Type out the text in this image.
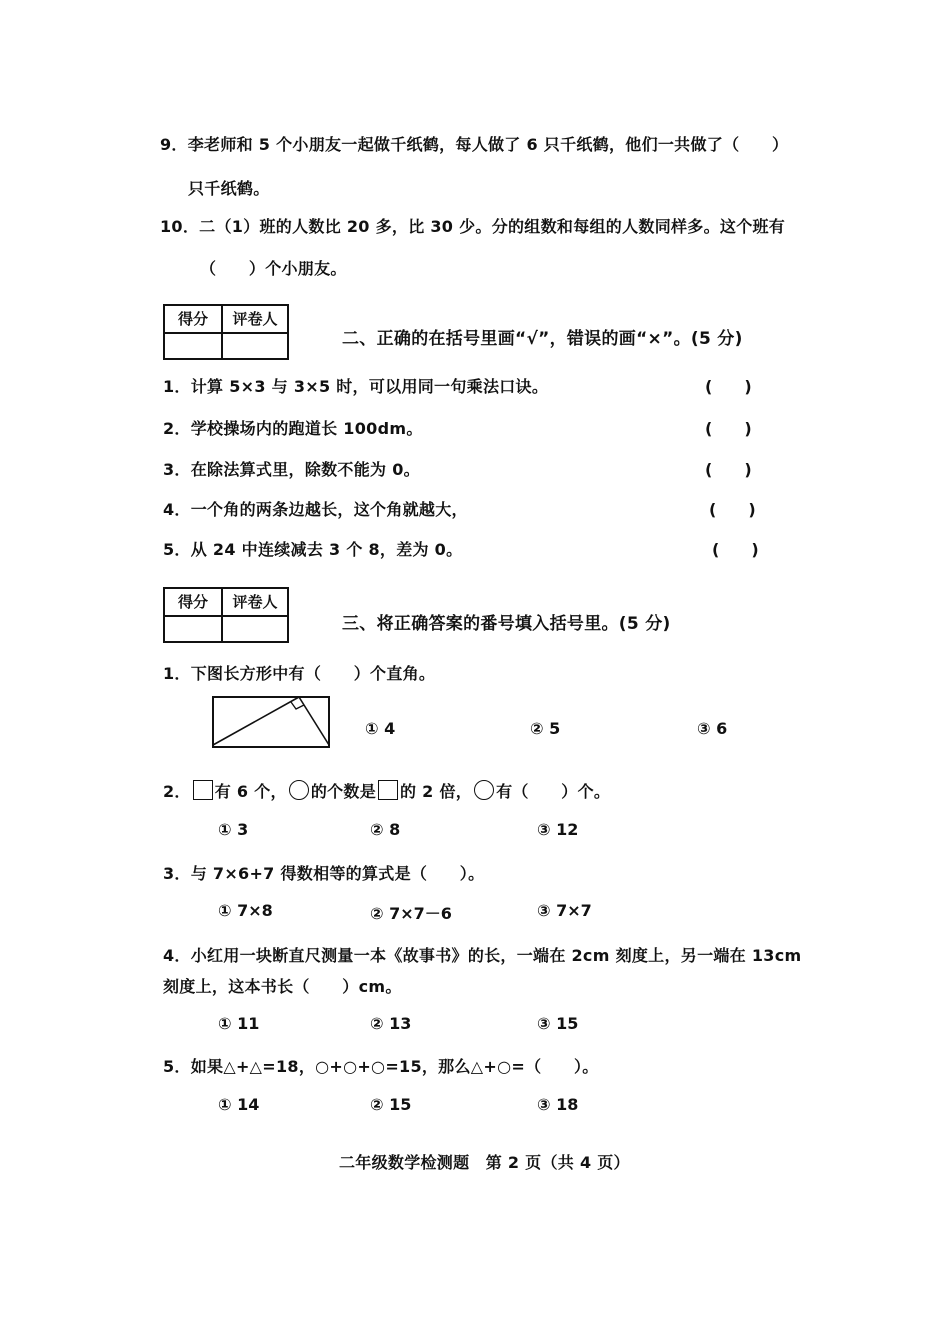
9．李老师和 5 个小朋友一起做千纸鹤，每人做了 6 只千纸鹤，他们一共做了（　　）
只千纸鹤。
10．二（1）班的人数比 20 多，比 30 少。分的组数和每组的人数同样多。这个班有
（　　）个小朋友。
得分	评卷人
二、正确的在括号里画“√”，错误的画“×”。(5 分)
1．计算 5×3 与 3×5 时，可以用同一句乘法口诀。	(　　)
2．学校操场内的跑道长 100dm。	(　　)
3．在除法算式里，除数不能为 0。	(　　)
4．一个角的两条边越长，这个角就越大，	(　　)
5．从 24 中连续减去 3 个 8，差为 0。	(　　)
得分	评卷人
三、将正确答案的番号填入括号里。(5 分)
1．下图长方形中有（　　）个直角。
① 4	② 5	③ 6
2． 有 6 个， 的个数是 的 2 倍， 有（　　）个。
① 3	② 8	③ 12
3．与 7×6+7 得数相等的算式是（　　）。
① 7×8	② 7×7－6	③ 7×7
4．小红用一块断直尺测量一本《故事书》的长，一端在 2cm 刻度上，另一端在 13cm
刻度上，这本书长（　　）cm。
① 11	② 13	③ 15
5．如果△+△=18，○+○+○=15，那么△+○=（　　）。
① 14	② 15	③ 18
二年级数学检测题　第 2 页（共 4 页）
